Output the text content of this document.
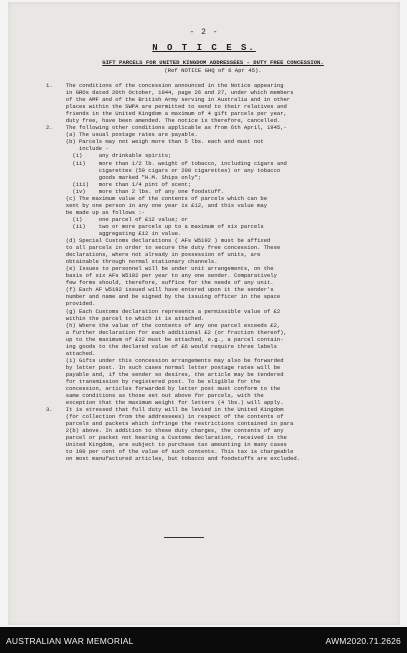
- 2 -
N O T I C E S.
GIFT PARCELS FOR UNITED KINGDOM ADDRESSEES - DUTY FREE CONCESSION.
(Ref NOTICE GHQ of 6 Apr 45).
1.    The conditions of the concession announced in the Notice appearing
in GROs dated 20th October, 1944, page 26 and 27, under which members
of the AMF and of the British Army serving in Australia and in other
places within the SWPA are permitted to send to their relatives and
friends in the United Kingdom a maximum of 4 gift parcels per year,
duty free, have been amended. The notice is therefore, cancelled.
2.    The following other conditions applicable as from 6th April, 1945,-
(a) The usual postage rates are payable.
(b) Parcels may not weigh more than 5 lbs. each and must not
include -
(i)     any drinkable spirits;
(ii)    more than 1/2 lb. weight of tobacco, including cigars and
cigarettes (50 cigars or 200 cigarettes) or any tobacco
goods marked "H.M. Ships only";
(iii)   more than 1/4 pint of scent;
(iv)    more than 2 lbs. of any one foodstuff.
(c) The maximum value of the contents of parcels which can be
sent by one person in any one year is £12, and this value may
be made up as follows :-
(i)     one parcel of £12 value; or
(ii)    two or more parcels up to a maximum of six parcels
aggregating £12 in value.
(d) Special Customs declarations ( AFs W5192 ) must be affixed
to all parcels in order to secure the duty free concession. These
declarations, where not already in possession of units, are
obtainable through normal stationary channels.
(e) Issues to personnel will be under unit arrangements, on the
basis of six AFs W5192 per year to any one sender. Comparatively
few forms should, therefore, suffice for the needs of any unit.
(f) Each AF W5192 issued will have entered upon it the sender's
number and name and be signed by the issuing officer in the space
provided.
(g) Each Customs declaration represents a permissible value of £2
within the parcel to which it is attached.
(h) Where the value of the contents of any one parcel exceeds £2,
a further declaration for each additional £2 (or fraction thereof),
up to the maximum of £12 must be attached, e.g., a parcel contain-
ing goods to the declared value of £6 would require three labels
attached.
(i) Gifts under this concession arrangements may also be forwarded
by letter post. In such cases normal letter postage rates will be
payable and, if the sender so desires, the article may be tendered
for transmission by registered post. To be eligible for the
concession, articles forwarded by letter post must conform to the
same conditions as those set out above for parcels, with the
exception that the maximum weight for letters (4 lbs.) will apply.
3.    It is stressed that full duty will be levied in the United Kingdom
(for collection from the addressees) in respect of the contents of
parcels and packets which infringe the restrictions contained in para
2(b) above. In addition to these duty charges, the contents of any
parcel or packet not bearing a Customs declaration, received in the
United Kingdom, are subject to purchase tax amounting in many cases
to 100 per cent of the value of such contents. This tax is chargeable
on most manufactured articles, but tobacco and foodstuffs are excluded.
AUSTRALIAN WAR MEMORIAL	AWM2020.71.2626
